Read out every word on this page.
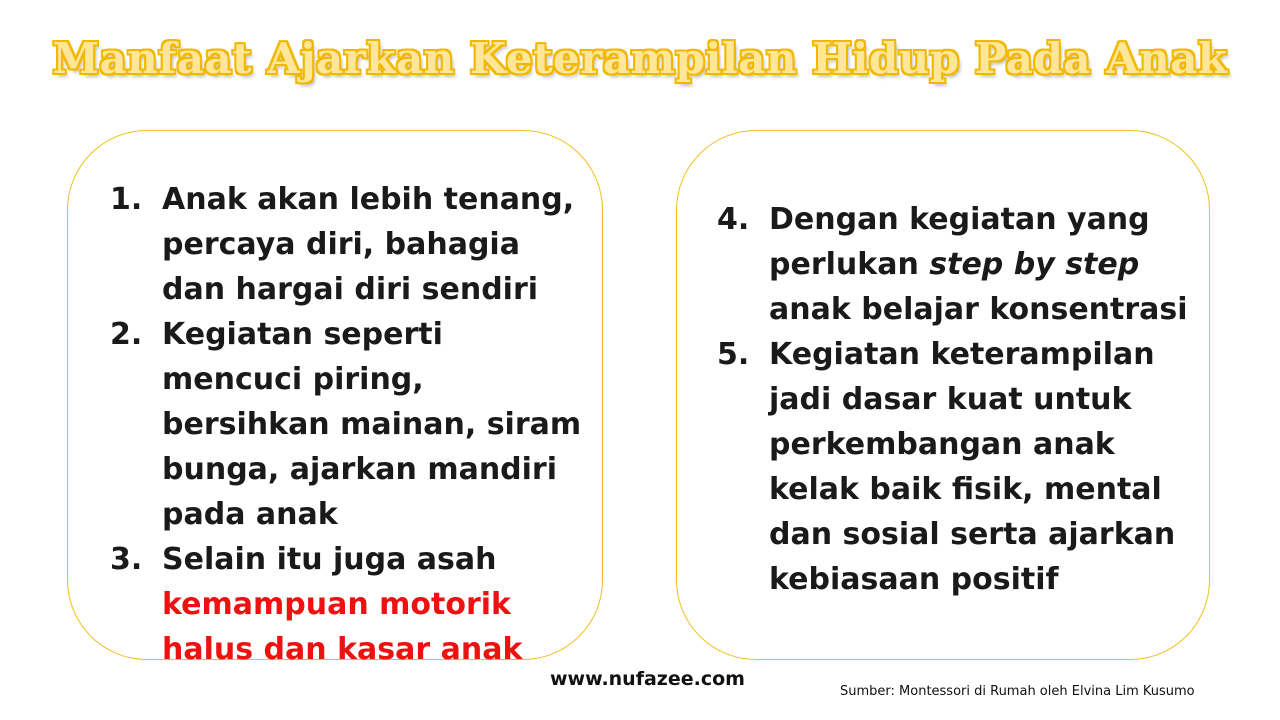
Manfaat Ajarkan Keterampilan Hidup Pada Anak
1. Anak akan lebih tenang, percaya diri, bahagia dan hargai diri sendiri
2. Kegiatan seperti mencuci piring, bersihkan mainan, siram bunga, ajarkan mandiri pada anak
3. Selain itu juga asah kemampuan motorik halus dan kasar anak
4. Dengan kegiatan yang perlukan step by step anak belajar konsentrasi
5. Kegiatan keterampilan jadi dasar kuat untuk perkembangan anak kelak baik fisik, mental dan sosial serta ajarkan kebiasaan positif
www.nufazee.com
Sumber: Montessori di Rumah oleh Elvina Lim Kusumo
